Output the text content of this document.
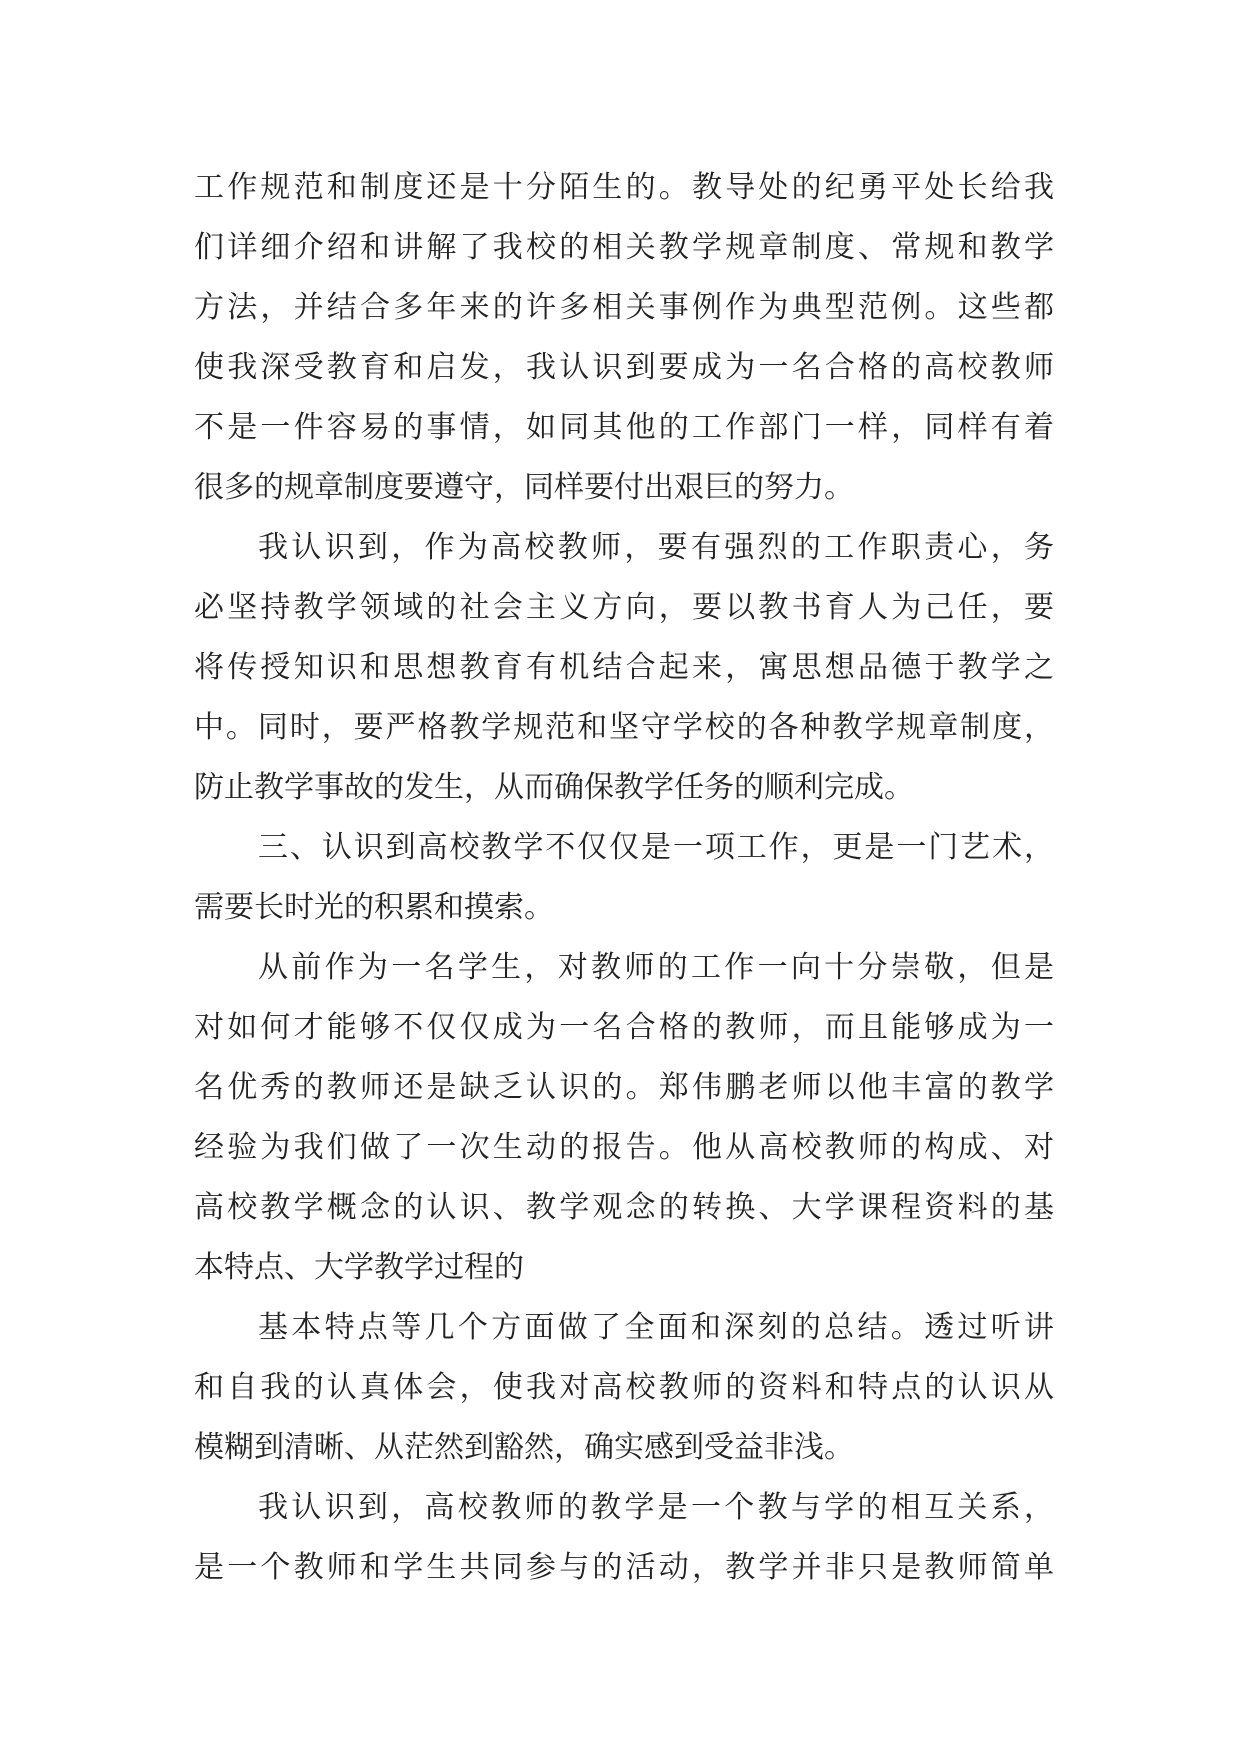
工作规范和制度还是十分陌生的。教导处的纪勇平处长给我
们详细介绍和讲解了我校的相关教学规章制度、常规和教学
方法，并结合多年来的许多相关事例作为典型范例。这些都
使我深受教育和启发，我认识到要成为一名合格的高校教师
不是一件容易的事情，如同其他的工作部门一样，同样有着
很多的规章制度要遵守，同样要付出艰巨的努力。
我认识到，作为高校教师，要有强烈的工作职责心，务
必坚持教学领域的社会主义方向，要以教书育人为己任，要
将传授知识和思想教育有机结合起来，寓思想品德于教学之
中。同时，要严格教学规范和坚守学校的各种教学规章制度，
防止教学事故的发生，从而确保教学任务的顺利完成。
三、认识到高校教学不仅仅是一项工作，更是一门艺术，
需要长时光的积累和摸索。
从前作为一名学生，对教师的工作一向十分崇敬，但是
对如何才能够不仅仅成为一名合格的教师，而且能够成为一
名优秀的教师还是缺乏认识的。郑伟鹏老师以他丰富的教学
经验为我们做了一次生动的报告。他从高校教师的构成、对
高校教学概念的认识、教学观念的转换、大学课程资料的基
本特点、大学教学过程的
基本特点等几个方面做了全面和深刻的总结。透过听讲
和自我的认真体会，使我对高校教师的资料和特点的认识从
模糊到清晰、从茫然到豁然，确实感到受益非浅。
我认识到，高校教师的教学是一个教与学的相互关系，
是一个教师和学生共同参与的活动，教学并非只是教师简单
